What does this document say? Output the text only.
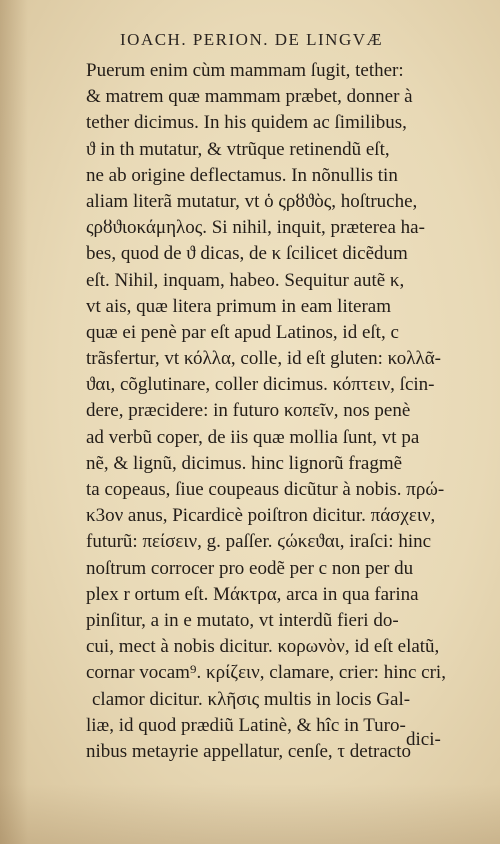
IOACH. PERION. DE LINGVÆ
Puerum enim cùm mammam ſugit, tether:
& matrem quæ mammam præbet, donner à
tether dicimus. In his quidem ac ſimilibus,
ϑ in th mutatur, & vtrũque retinendũ eſt,
ne ab origine deflectamus. In nõnullis tin
aliam literã mutatur, vt ὁ ςρȣϑὸς, hoſtruche,
ςρȣϑιοκάμηλος. Si nihil, inquit, præterea ha-
bes, quod de ϑ dicas, de κ ſcilicet dicẽdum
eſt. Nihil, inquam, habeo. Sequitur autẽ κ,
vt ais, quæ litera primum in eam literam
quæ ei penè par eſt apud Latinos, id eſt, c
trãsfertur, vt κόλλα, colle, id eſt gluten: κολλᾶ-
ϑαι, cõglutinare, coller dicimus. κόπτειν, ſcin-
dere, præcidere: in futuro κοπεῖν, nos penè
ad verbũ coper, de iis quæ mollia ſunt, vt pa
nẽ, & lignũ, dicimus. hinc lignorũ fragmẽ
ta copeaus, ſiue coupeaus dicũtur à nobis. πρώ-
κ3ον anus, Picardicè poiſtron dicitur. πάσχειν,
futurũ: πείσειν, g. paſſer. ϛώκεϑαι, iraſci: hinc
noſtrum corrocer pro eodẽ per c non per du
plex r ortum eſt. Μάκτρα, arca in qua farina
pinſitur, a in e mutato, vt interdũ fieri do-
cui, mect à nobis dicitur. κορωνὸν, id eſt elatũ,
cornar vocam⁹. κρίζειν, clamare, crier: hinc cri,
clamor dicitur. κλῆσις multis in locis Gal-
liæ, id quod prædiũ Latinè, & hîc in Turo-
nibus metayrie appellatur, cenſe, τ detracto
dici-
